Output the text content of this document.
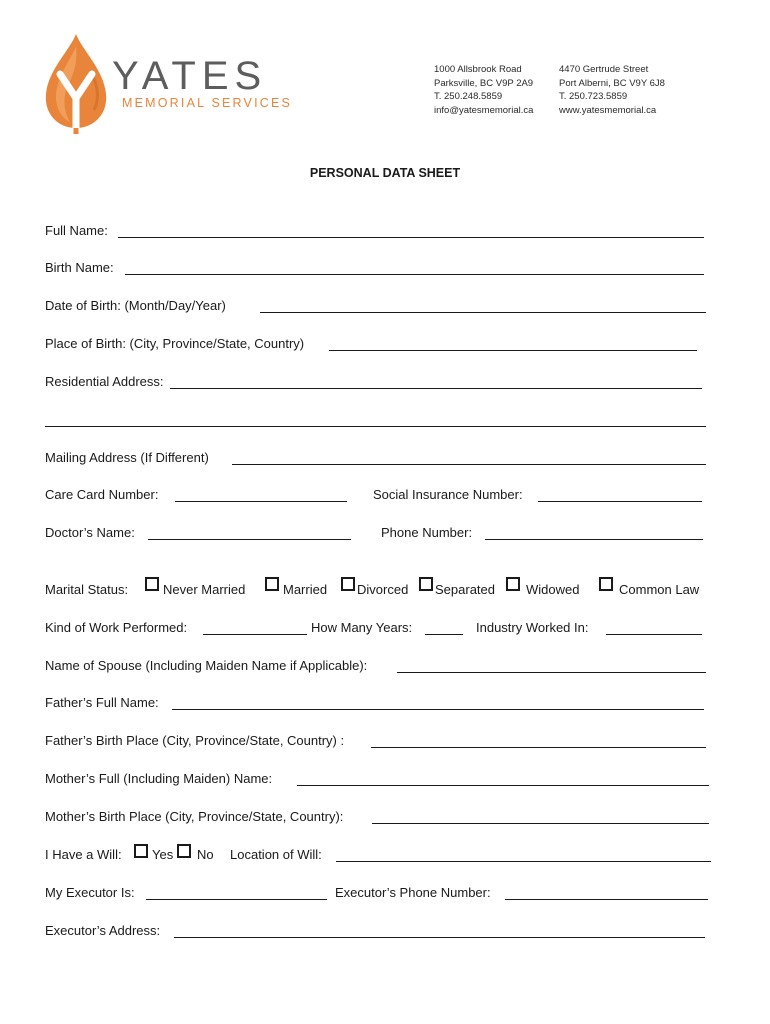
YATES
MEMORIAL SERVICES
1000 Allsbrook Road
Parksville, BC V9P 2A9
T. 250.248.5859
info@yatesmemorial.ca
4470 Gertrude Street
Port Alberni, BC V9Y 6J8
T. 250.723.5859
www.yatesmemorial.ca
PERSONAL DATA SHEET
Full Name:
Birth Name:
Date of Birth: (Month/Day/Year)
Place of Birth: (City, Province/State, Country)
Residential Address:
Mailing Address (If Different)
Care Card Number:	Social Insurance Number:
Doctor’s Name:	Phone Number:
Marital Status:	Never Married	Married Divorced Separated Widowed	Common Law
Kind of Work Performed:	How Many Years:	Industry Worked In:
Name of Spouse (Including Maiden Name if Applicable):
Father’s Full Name:
Father’s Birth Place (City, Province/State, Country) :
Mother’s Full (Including Maiden) Name:
Mother’s Birth Place (City, Province/State, Country):
I Have a Will: Yes No Location of Will:
My Executor Is:	Executor’s Phone Number:
Executor’s Address:
